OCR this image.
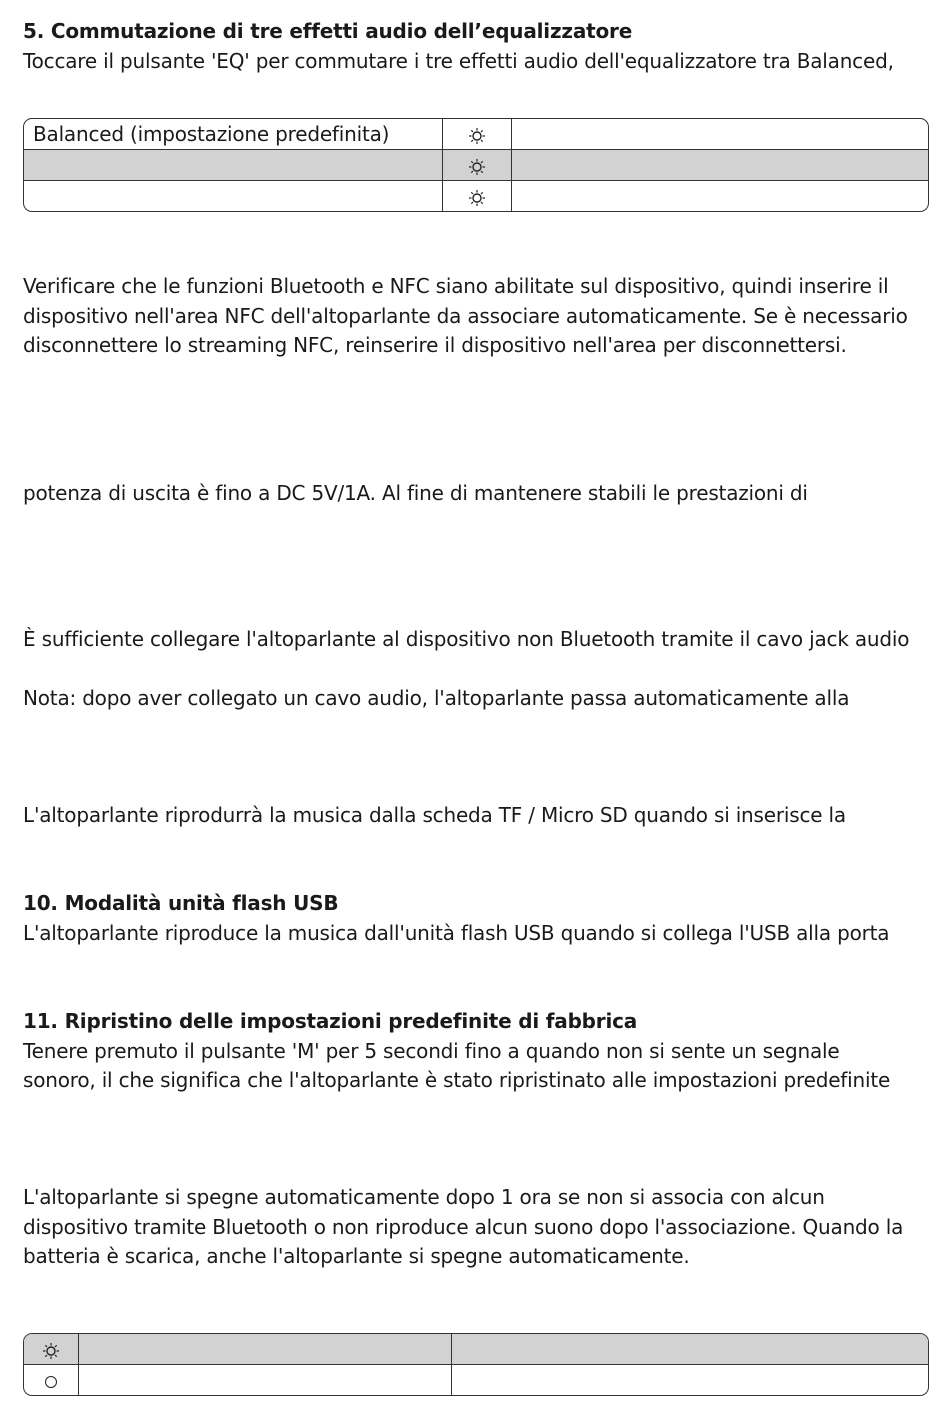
5. Commutazione di tre effetti audio dell’equalizzatore
Toccare il pulsante 'EQ' per commutare i tre effetti audio dell'equalizzatore tra Balanced,
Balanced (impostazione predefinita)		

Verificare che le funzioni Bluetooth e NFC siano abilitate sul dispositivo, quindi inserire il
dispositivo nell'area NFC dell'altoparlante da associare automaticamente. Se è necessario
disconnettere lo streaming NFC, reinserire il dispositivo nell'area per disconnettersi.
potenza di uscita è fino a DC 5V/1A. Al fine di mantenere stabili le prestazioni di
È sufficiente collegare l'altoparlante al dispositivo non Bluetooth tramite il cavo jack audio
Nota: dopo aver collegato un cavo audio, l'altoparlante passa automaticamente alla
L'altoparlante riprodurrà la musica dalla scheda TF / Micro SD quando si inserisce la
10. Modalità unità flash USB
L'altoparlante riproduce la musica dall'unità flash USB quando si collega l'USB alla porta
11. Ripristino delle impostazioni predefinite di fabbrica
Tenere premuto il pulsante 'M' per 5 secondi fino a quando non si sente un segnale
sonoro, il che significa che l'altoparlante è stato ripristinato alle impostazioni predefinite
L'altoparlante si spegne automaticamente dopo 1 ora se non si associa con alcun
dispositivo tramite Bluetooth o non riproduce alcun suono dopo l'associazione. Quando la
batteria è scarica, anche l'altoparlante si spegne automaticamente.
